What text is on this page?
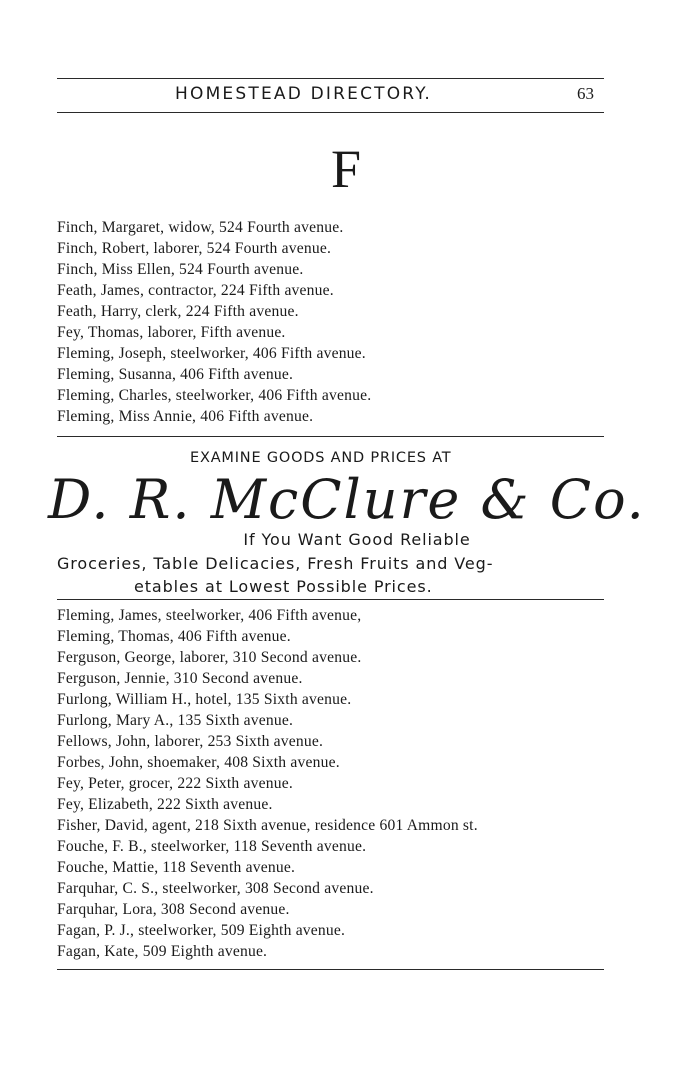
HOMESTEAD DIRECTORY.	63
F
Finch, Margaret, widow, 524 Fourth avenue.
Finch, Robert, laborer, 524 Fourth avenue.
Finch, Miss Ellen, 524 Fourth avenue.
Feath, James, contractor, 224 Fifth avenue.
Feath, Harry, clerk, 224 Fifth avenue.
Fey, Thomas, laborer, Fifth avenue.
Fleming, Joseph, steelworker, 406 Fifth avenue.
Fleming, Susanna, 406 Fifth avenue.
Fleming, Charles, steelworker, 406 Fifth avenue.
Fleming, Miss Annie, 406 Fifth avenue.
EXAMINE GOODS AND PRICES AT
D. R. McClure & Co.
If You Want Good Reliable
Groceries, Table Delicacies, Fresh Fruits and Veg-
etables at Lowest Possible Prices.
Fleming, James, steelworker, 406 Fifth avenue,
Fleming, Thomas, 406 Fifth avenue.
Ferguson, George, laborer, 310 Second avenue.
Ferguson, Jennie, 310 Second avenue.
Furlong, William H., hotel, 135 Sixth avenue.
Furlong, Mary A., 135 Sixth avenue.
Fellows, John, laborer, 253 Sixth avenue.
Forbes, John, shoemaker, 408 Sixth avenue.
Fey, Peter, grocer, 222 Sixth avenue.
Fey, Elizabeth, 222 Sixth avenue.
Fisher, David, agent, 218 Sixth avenue, residence 601 Ammon st.
Fouche, F. B., steelworker, 118 Seventh avenue.
Fouche, Mattie, 118 Seventh avenue.
Farquhar, C. S., steelworker, 308 Second avenue.
Farquhar, Lora, 308 Second avenue.
Fagan, P. J., steelworker, 509 Eighth avenue.
Fagan, Kate, 509 Eighth avenue.
